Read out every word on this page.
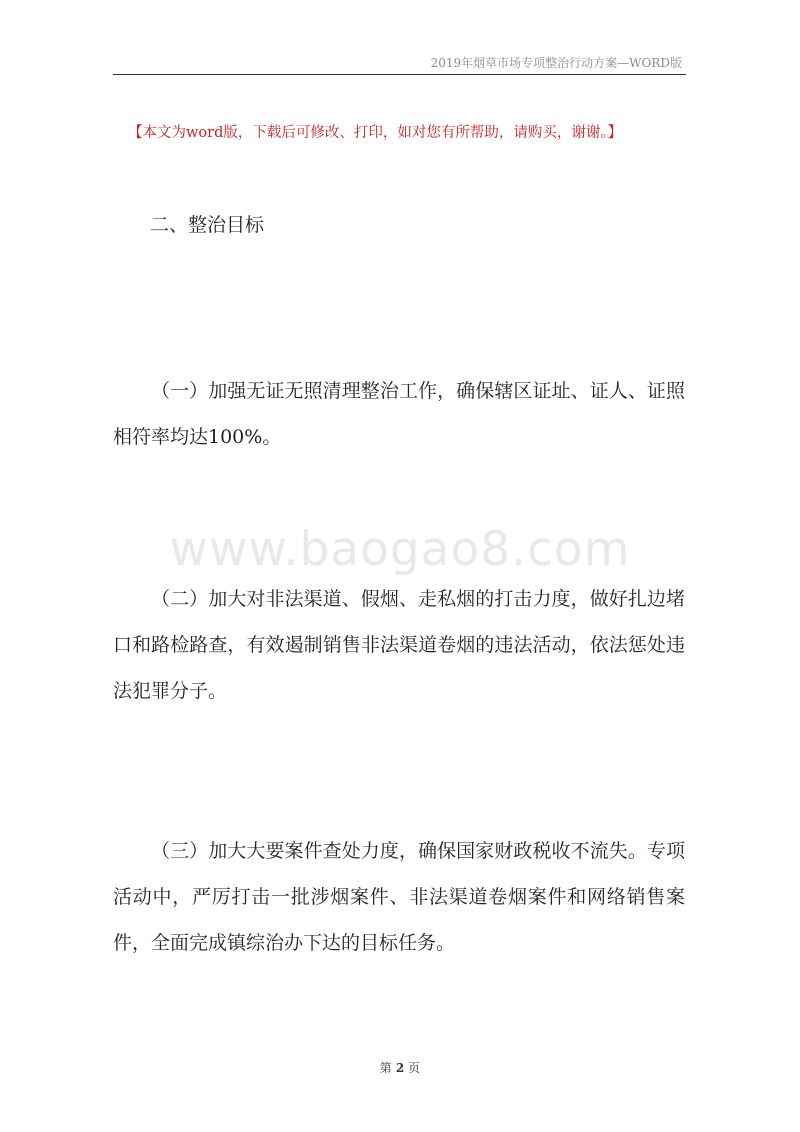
2019年烟草市场专项整治行动方案—WORD版
【本文为word版，下载后可修改、打印，如对您有所帮助，请购买，谢谢。】
二、整治目标

（一）加强无证无照清理整治工作，确保辖区证址、证人、证照相符率均达100%。

www.baogao8.com

（二）加大对非法渠道、假烟、走私烟的打击力度，做好扎边堵口和路检路查，有效遏制销售非法渠道卷烟的违法活动，依法惩处违法犯罪分子。

（三）加大大要案件查处力度，确保国家财政税收不流失。专项活动中，严厉打击一批涉烟案件、非法渠道卷烟案件和网络销售案件，全面完成镇综治办下达的目标任务。

第 2 页
